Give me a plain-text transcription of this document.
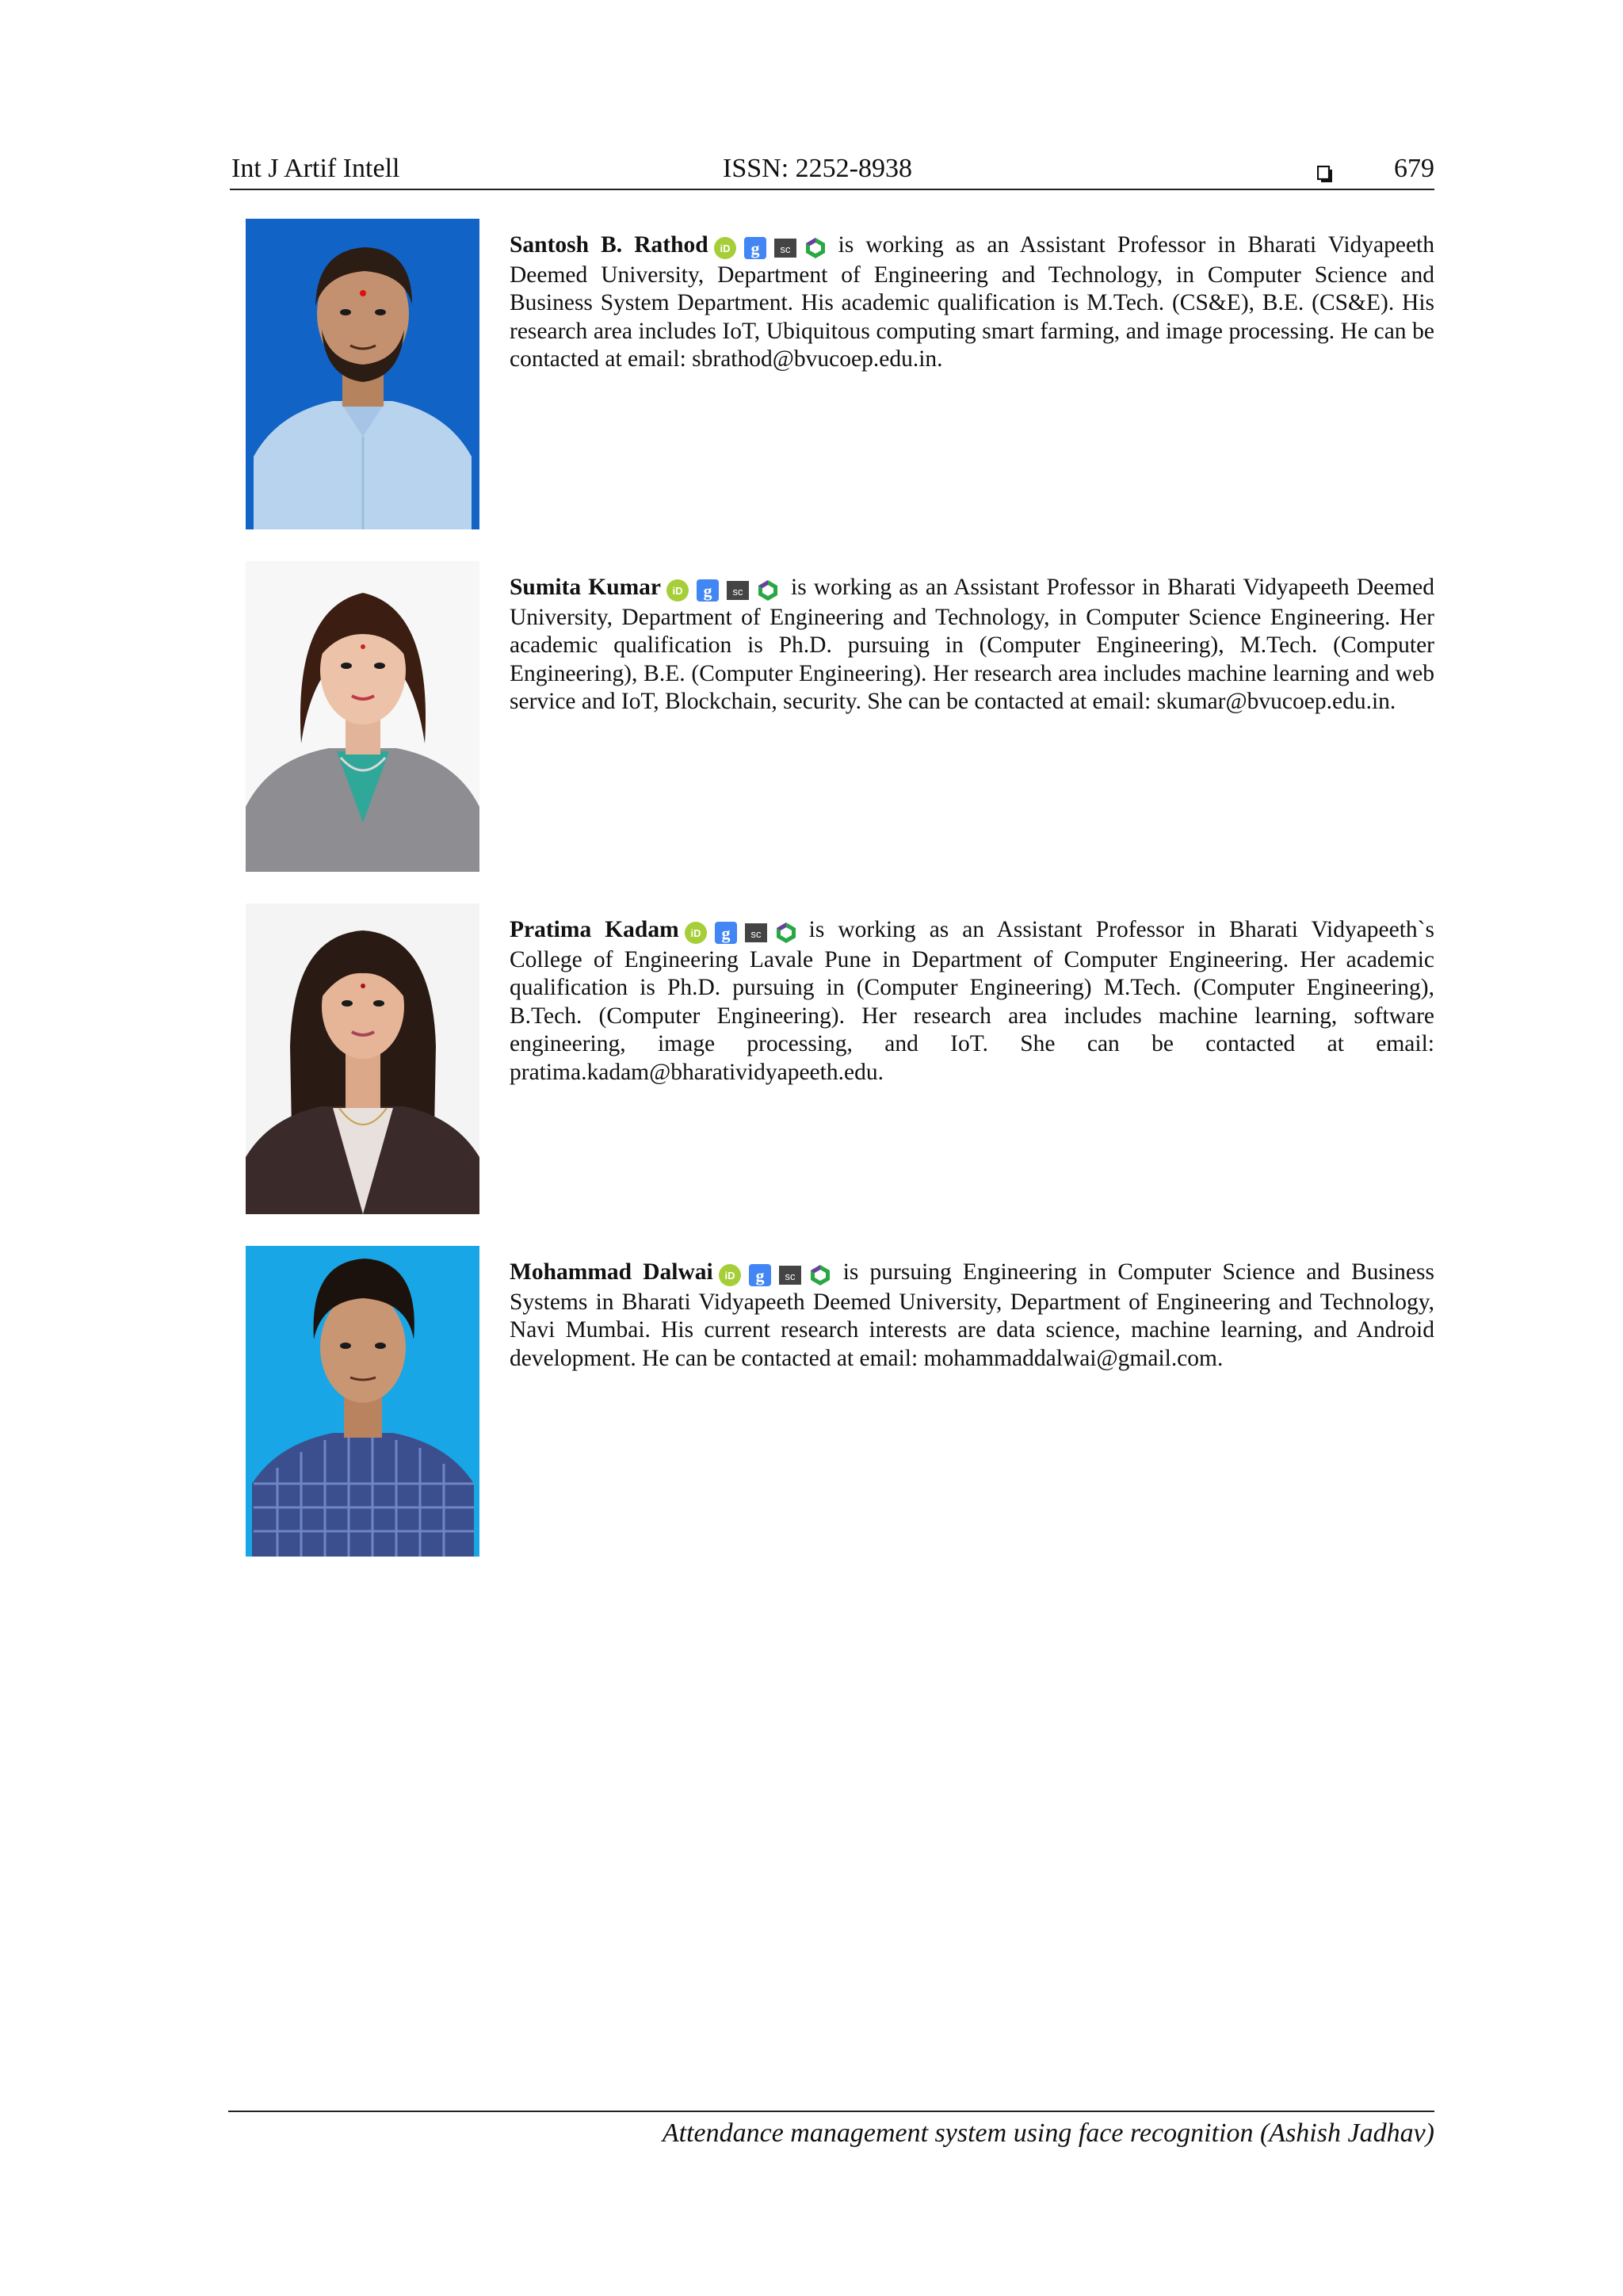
Int J Artif Intell	ISSN: 2252-8938	679
Santosh B. Rathod iD g sc is working as an Assistant Professor in Bharati Vidyapeeth Deemed University, Department of Engineering and Technology, in Computer Science and Business System Department. His academic qualification is M.Tech. (CS&E), B.E. (CS&E). His research area includes IoT, Ubiquitous computing smart farming, and image processing. He can be contacted at email: sbrathod@bvucoep.edu.in.
Sumita Kumar iD g sc is working as an Assistant Professor in Bharati Vidyapeeth Deemed University, Department of Engineering and Technology, in Computer Science Engineering. Her academic qualification is Ph.D. pursuing in (Computer Engineering), M.Tech. (Computer Engineering), B.E. (Computer Engineering). Her research area includes machine learning and web service and IoT, Blockchain, security. She can be contacted at email: skumar@bvucoep.edu.in.
Pratima Kadam iD g sc is working as an Assistant Professor in Bharati Vidyapeeth`s College of Engineering Lavale Pune in Department of Computer Engineering. Her academic qualification is Ph.D. pursuing in (Computer Engineering) M.Tech. (Computer Engineering), B.Tech. (Computer Engineering). Her research area includes machine learning, software engineering, image processing, and IoT. She can be contacted at email: pratima.kadam@bharatividyapeeth.edu.
Mohammad Dalwai iD g sc is pursuing Engineering in Computer Science and Business Systems in Bharati Vidyapeeth Deemed University, Department of Engineering and Technology, Navi Mumbai. His current research interests are data science, machine learning, and Android development. He can be contacted at email: mohammaddalwai@gmail.com.
Attendance management system using face recognition (Ashish Jadhav)
